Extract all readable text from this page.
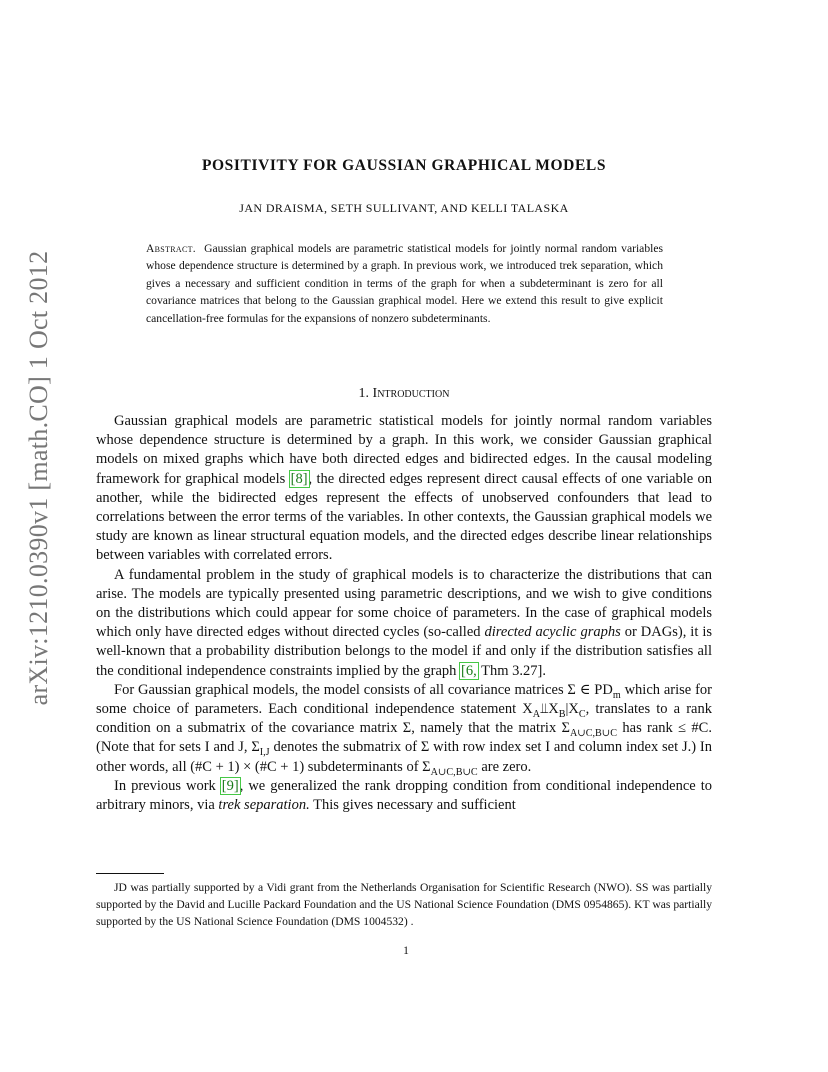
arXiv:1210.0390v1 [math.CO] 1 Oct 2012
POSITIVITY FOR GAUSSIAN GRAPHICAL MODELS
JAN DRAISMA, SETH SULLIVANT, AND KELLI TALASKA
Abstract. Gaussian graphical models are parametric statistical models for jointly normal random variables whose dependence structure is determined by a graph. In previous work, we introduced trek separation, which gives a necessary and sufficient condition in terms of the graph for when a subdeterminant is zero for all covariance matrices that belong to the Gaussian graphical model. Here we extend this result to give explicit cancellation-free formulas for the expansions of nonzero subdeterminants.
1. Introduction

Gaussian graphical models are parametric statistical models for jointly normal random variables whose dependence structure is determined by a graph. In this work, we consider Gaussian graphical models on mixed graphs which have both directed edges and bidirected edges. In the causal modeling framework for graphical models [8], the directed edges represent direct causal effects of one variable on another, while the bidirected edges represent the effects of unobserved confounders that lead to correlations between the error terms of the variables. In other contexts, the Gaussian graphical models we study are known as linear structural equation models, and the directed edges describe linear relationships between variables with correlated errors.

A fundamental problem in the study of graphical models is to characterize the distributions that can arise. The models are typically presented using parametric descriptions, and we wish to give conditions on the distributions which could appear for some choice of parameters. In the case of graphical models which only have directed edges without directed cycles (so-called directed acyclic graphs or DAGs), it is well-known that a probability distribution belongs to the model if and only if the distribution satisfies all the conditional independence constraints implied by the graph [6, Thm 3.27].

For Gaussian graphical models, the model consists of all covariance matrices Σ ∈ $PD_m$ which arise for some choice of parameters. Each conditional independence statement $X_A⫫X_B|X_C$, translates to a rank condition on a submatrix of the covariance matrix Σ, namely that the matrix $\Sigma_{A\cup C,B\cup C}$ has rank ≤ #C. (Note that for sets I and J, $\Sigma_{I,J}$ denotes the submatrix of Σ with row index set I and column index set J.) In other words, all (#C + 1) × (#C + 1) subdeterminants of $\Sigma_{A\cup C,B\cup C}$ are zero.

In previous work [9], we generalized the rank dropping condition from conditional independence to arbitrary minors, via trek separation. This gives necessary and sufficient

JD was partially supported by a Vidi grant from the Netherlands Organisation for Scientific Research (NWO). SS was partially supported by the David and Lucille Packard Foundation and the US National Science Foundation (DMS 0954865). KT was partially supported by the US National Science Foundation (DMS 1004532) .
1
